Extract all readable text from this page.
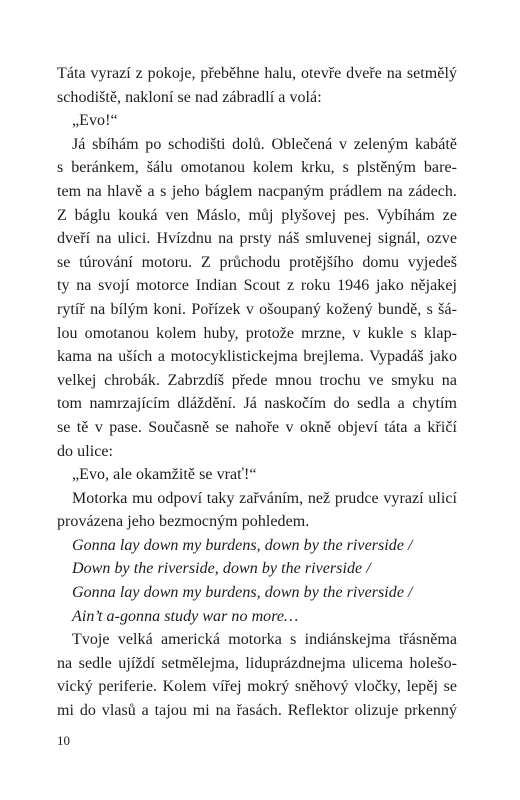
Táta vyrazí z pokoje, přeběhne halu, otevře dveře na setmělý
schodiště, nakloní se nad zábradlí a volá:
„Evo!“
Já sbíhám po schodišti dolů. Oblečená v zeleným kabátě
s beránkem, šálu omotanou kolem krku, s plstěným bare-
tem na hlavě a s jeho báglem nacpaným prádlem na zádech.
Z báglu kouká ven Máslo, můj plyšovej pes. Vybíhám ze
dveří na ulici. Hvízdnu na prsty náš smluvenej signál, ozve
se túrování motoru. Z průchodu protějšího domu vyjedeš
ty na svojí motorce Indian Scout z roku 1946 jako nějakej
rytíř na bílým koni. Pořízek v ošoupaný kožený bundě, s šá-
lou omotanou kolem huby, protože mrzne, v kukle s klap-
kama na uších a motocyklistickejma brejlema. Vypadáš jako
velkej chrobák. Zabrzdíš přede mnou trochu ve smyku na
tom namrzajícím dláždění. Já naskočím do sedla a chytím
se tě v pase. Současně se nahoře v okně objeví táta a křičí
do ulice:
„Evo, ale okamžitě se vrať!“
Motorka mu odpoví taky zařváním, než prudce vyrazí ulicí
provázena jeho bezmocným pohledem.
Gonna lay down my burdens, down by the riverside /
Down by the riverside, down by the riverside /
Gonna lay down my burdens, down by the riverside /
Ain’t a-gonna study war no more…
Tvoje velká americká motorka s indiánskejma třásněma
na sedle ujíždí setmělejma, liduprázdnejma ulicema holešo-
vický periferie. Kolem vířej mokrý sněhový vločky, lepěj se
mi do vlasů a tajou mi na řasách. Reflektor olizuje prkenný
10
